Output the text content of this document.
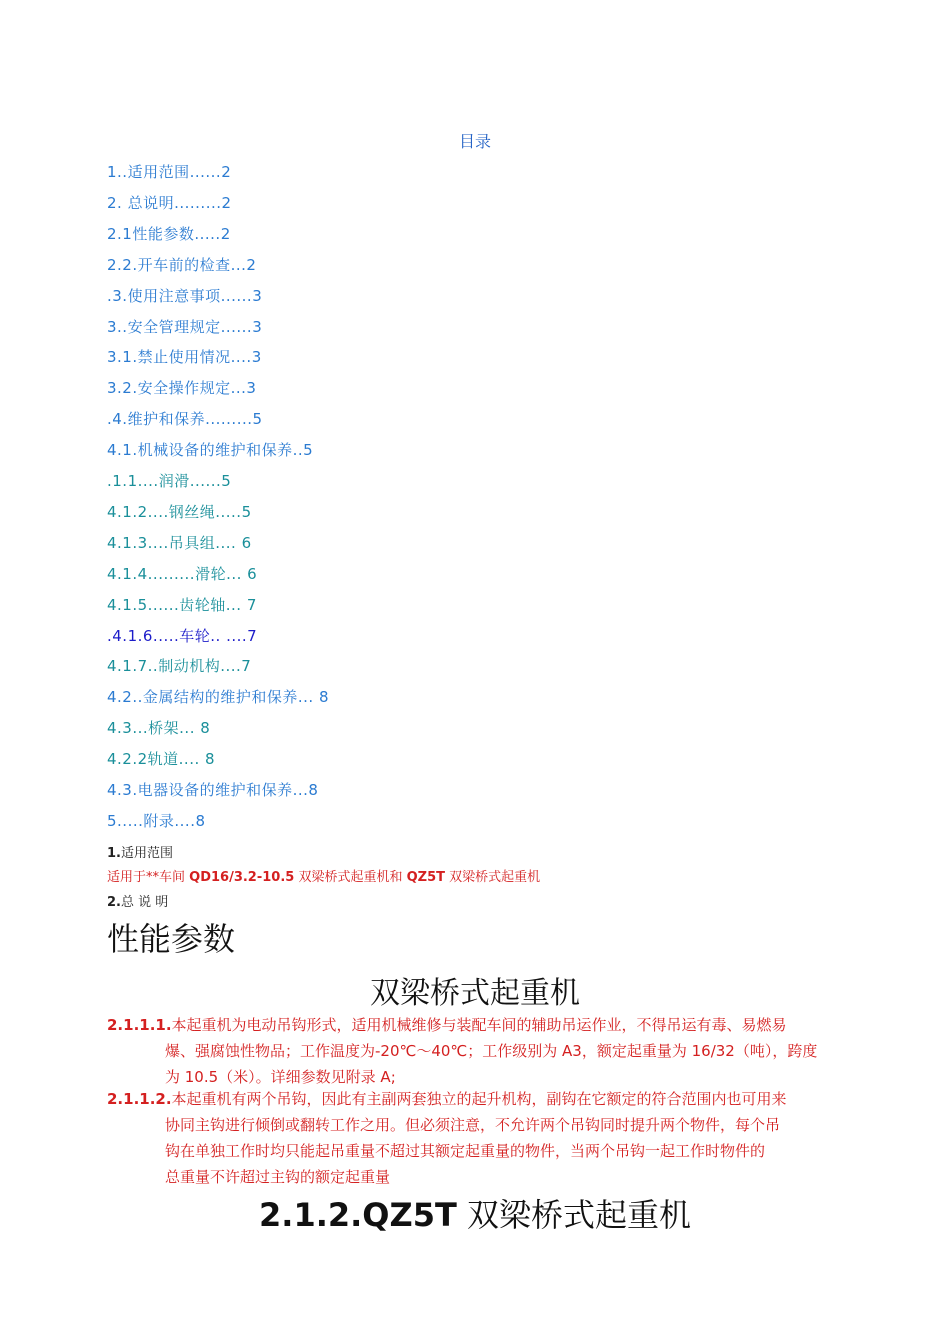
目录
1..适用范围......2
2. 总说明.........2
2.1性能参数.....2
2.2.开车前的检查...2
.3.使用注意事项......3
3..安全管理规定......3
3.1.禁止使用情况....3
3.2.安全操作规定...3
.4.维护和保养.........5
4.1.机械设备的维护和保养..5
.1.1....润滑......5
4.1.2....钢丝绳.....5
4.1.3....吊具组.... 6
4.1.4.........滑轮... 6
4.1.5......齿轮轴... 7
.4.1.6.....车轮.. ....7
4.1.7..制动机构....7
4.2..金属结构的维护和保养... 8
4.3...桥架... 8
4.2.2轨道.... 8
4.3.电器设备的维护和保养...8
5.....附录....8
1.适用范围
适用于**车间 QD16/3.2-10.5 双梁桥式起重机和 QZ5T 双梁桥式起重机
2.总 说 明
性能参数
双梁桥式起重机
2.1.1.1.本起重机为电动吊钩形式，适用机械维修与装配车间的辅助吊运作业，不得吊运有毒、易燃易
爆、强腐蚀性物品；工作温度为-20℃～40℃；工作级别为 A3，额定起重量为 16/32（吨），跨度
为 10.5（米）。详细参数见附录 A;
2.1.1.2.本起重机有两个吊钩，因此有主副两套独立的起升机构，副钩在它额定的符合范围内也可用来
协同主钩进行倾倒或翻转工作之用。但必须注意，不允许两个吊钩同时提升两个物件，每个吊
钩在单独工作时均只能起吊重量不超过其额定起重量的物件，当两个吊钩一起工作时物件的
总重量不许超过主钩的额定起重量
2.1.2.QZ5T 双梁桥式起重机
